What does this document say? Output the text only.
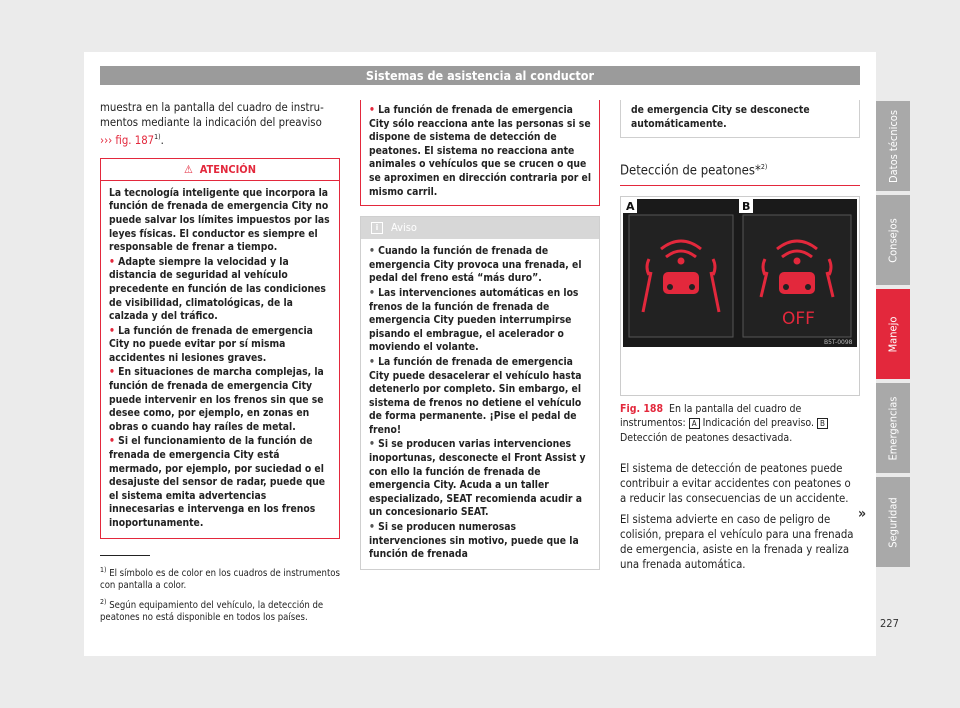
Sistemas de asistencia al conductor
muestra en la pantalla del cuadro de instru-
mentos mediante la indicación del preaviso
››› fig. 187$^{1)}$.
⚠ ATENCIÓN

La tecnología inteligente que incorpora la función de frenada de emergencia City no puede salvar los límites impuestos por las leyes físicas. El conductor es siempre el responsable de frenar a tiempo.

• Adapte siempre la velocidad y la distancia de seguridad al vehículo precedente en función de las condiciones de visibilidad, climatológicas, de la calzada y del tráfico.

• La función de frenada de emergencia City no puede evitar por sí misma accidentes ni lesiones graves.

• En situaciones de marcha complejas, la función de frenada de emergencia City puede intervenir en los frenos sin que se desee como, por ejemplo, en zonas en obras o cuando hay raíles de metal.

• Si el funcionamiento de la función de frenada de emergencia City está mermado, por ejemplo, por suciedad o el desajuste del sensor de radar, puede que el sistema emita advertencias innecesarias e intervenga en los frenos inoportunamente.

• La función de frenada de emergencia City sólo reacciona ante las personas si se dispone de sistema de detección de peatones. El sistema no reacciona ante animales o vehículos que se crucen o que se aproximen en dirección contraria por el mismo carril.
i	Aviso

• Cuando la función de frenada de emergencia City provoca una frenada, el pedal del freno está “más duro”.

• Las intervenciones automáticas en los frenos de la función de frenada de emergencia City pueden interrumpirse pisando el embrague, el acelerador o moviendo el volante.

• La función de frenada de emergencia City puede desacelerar el vehículo hasta detenerlo por completo. Sin embargo, el sistema de frenos no detiene el vehículo de forma permanente. ¡Pise el pedal de freno!

• Si se producen varias intervenciones inoportunas, desconecte el Front Assist y con ello la función de frenada de emergencia City. Acuda a un taller especializado, SEAT recomienda acudir a un concesionario SEAT.

• Si se producen numerosas intervenciones sin motivo, puede que la función de frenada

de emergencia City se desconecte automáticamente.
Detección de peatones*$^{2)}$
A	B
OFF
B5T-0098
Fig. 188 En la pantalla del cuadro de instrumentos: A Indicación del preaviso. B Detección de peatones desactivada.

El sistema de detección de peatones puede contribuir a evitar accidentes con peatones o a reducir las consecuencias de un accidente.

El sistema advierte en caso de peligro de colisión, prepara el vehículo para una frenada de emergencia, asiste en la frenada y realiza una frenada automática.

$^{1)}$ El símbolo es de color en los cuadros de instrumentos con pantalla a color.

$^{2)}$ Según equipamiento del vehículo, la detección de peatones no está disponible en todos los países.

»
227
Datos técnicos
Consejos
Manejo
Emergencias
Seguridad
